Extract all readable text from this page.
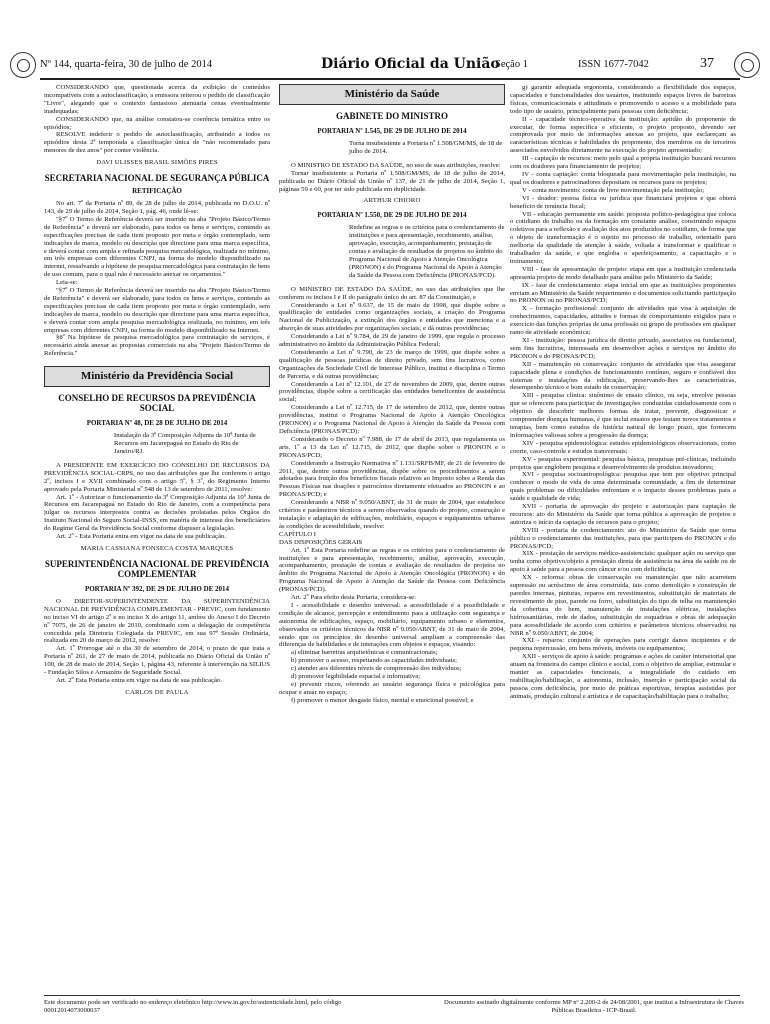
Nº 144, quarta-feira, 30 de julho de 2014	Diário Oficial da União
Seção 1	ISSN 1677-7042	37

CONSIDERANDO que, questionada acerca da exibição de conteúdos incompatíveis com a autoclassificação, a emissora reiterou o pedido de classificação "Livre", alegando que o contexto fantasioso atenuaria cenas eventualmente inadequadas;

CONSIDERANDO que, na análise constatou-se coerência temática entre os episódios;

RESOLVE indeferir o pedido de autoclassificação, atribuindo a todos os episódios desta 2ª temporada a classificação única de "não recomendado para menores de dez anos" por conter violência.

DAVI ULISSES BRASIL SIMÕES PIRES

SECRETARIA NACIONAL DE SEGURANÇA PÚBLICA
RETIFICAÇÃO

No art. 7º da Portaria nº 89, de 28 de julho de 2014, publicada no D.O.U. nº 143, de 29 de julho de 2014, Seção 1, pág. 46, onde lê-se:

"§7º O Termo de Referência deverá ser inserido na aba "Projeto Básico/Termo de Referência" e deverá ser elaborado, para todos os bens e serviços, contendo as especificações precisas de cada item proposto por meta e órgão contemplado, sem indicações de marca, modelo ou descrição que direcione para uma marca específica, e deverá contar com ampla e refinada pesquisa mercadológica, realizada no mínimo, em três empresas com diferentes CNPJ, na forma do modelo disponibilizado na internet, ressalvando a hipótese de pesquisa mercadológica para contratação de bens de uso comum, para o qual não é necessário anexar os orçamentos."

Leia-se:

"§7º O Termo de Referência deverá ser inserido na aba "Projeto Básico/Termo de Referência" e deverá ser elaborado, para todos os bens e serviços, contendo as especificações precisas de cada item proposto por meta e órgão contemplado, sem indicações de marca, modelo ou descrição que direcione para uma marca específica, e deverá contar com ampla pesquisa mercadológica realizada, no mínimo, em três empresas com diferentes CNPJ, na forma do modelo disponibilizado na Internet.

§8º Na hipótese de pesquisa mercadológica para contratação de serviços, é necessário ainda anexar as propostas comerciais na aba "Projeto Básico/Termo de Referência."

Ministério da Previdência Social
CONSELHO DE RECURSOS DA PREVIDÊNCIA SOCIAL
PORTARIA Nº 48, DE 28 DE JULHO DE 2014

Instalação da 3ª Composição Adjunta da 10ª Junta de Recursos em Jacarepaguá no Estado do Rio de Janeiro/RJ.

A PRESIDENTE EM EXERCÍCIO DO CONSELHO DE RECURSOS DA PREVIDÊNCIA SOCIAL-CRPS, no uso das atribuições que lhe conferem o artigo 2º, incisos I e XVII combinado com o artigo 5º, § 3º, do Regimento Interno aprovado pela Portaria Ministerial nº 548 de 13 de setembro de 2011, resolve:

Art. 1º - Autorizar o funcionamento da 3ª Composição Adjunta da 10ª Junta de Recursos em Jacarepaguá no Estado do Rio de Janeiro, com a competência para julgar os recursos interpostos contra as decisões prolatadas pelos Órgãos do Instituto Nacional do Seguro Social-INSS, em matéria de interesse dos beneficiários do Regime Geral da Previdência Social conforme dispuser a legislação.

Art. 2º - Esta Portaria entra em vigor na data de sua publicação.

MARIA CASSIANA FONSECA COSTA MARQUES

SUPERINTENDÊNCIA NACIONAL DE PREVIDÊNCIA COMPLEMENTAR
PORTARIA Nº 392, DE 29 DE JULHO DE 2014

O DIRETOR-SUPERINTENDENTE DA SUPERINTENDÊNCIA NACIONAL DE PREVIDÊNCIA COMPLEMENTAR - PREVIC, com fundamento no inciso VI do artigo 2º e no inciso X do artigo 11, ambos do Anexo I do Decreto nº 7075, de 26 de janeiro de 2010, combinado com a delegação de competência concedida pela Diretoria Colegiada da PREVIC, em sua 97ª Sessão Ordinária, realizada em 20 de março de 2012, resolve:

Art. 1º Prorrogar até o dia 30 de setembro de 2014, o prazo de que trata a Portaria nº 261, de 27 de maio de 2014, publicada no Diário Oficial da União nº 100, de 28 de maio de 2014, Seção 1, página 43, referente à intervenção na SILIUS - Fundação Silos e Armazéns de Seguridade Social.

Art. 2º Esta Portaria entra em vigor na data de sua publicação.

CARLOS DE PAULA

Ministério da Saúde
GABINETE DO MINISTRO
PORTARIA Nº 1.545, DE 29 DE JULHO DE 2014

Torna insubsistente a Portaria nº 1.508/GM/MS, de 18 de julho de 2014.

O MINISTRO DE ESTADO DA SAÚDE, no uso de suas atribuições, resolve:

Tornar insubsistente a Portaria nº 1.508/GM/MS, de 18 de julho de 2014, publicada no Diário Oficial da União nº 137, de 21 de julho de 2014, Seção 1, páginas 59 e 60, por ter sido publicada em duplicidade.

ARTHUR CHIORO

PORTARIA Nº 1.550, DE 29 DE JULHO DE 2014

Redefine as regras e os critérios para o credenciamento de instituições e para apresentação, recebimento, análise, aprovação, execução, acompanhamento, prestação de contas e avaliação de resultados de projetos no âmbito do Programa Nacional de Apoio à Atenção Oncológica (PRONON) e do Programa Nacional de Apoio à Atenção da Saúde da Pessoa com Deficiência (PRONAS/PCD).

O MINISTRO DE ESTADO DA SAÚDE, no uso das atribuições que lhe conferem os incisos I e II do parágrafo único do art. 87 da Constituição, e

Considerando a Lei nº 9.637, de 15 de maio de 1998, que dispõe sobre a qualificação de entidades como organizações sociais, a criação do Programa Nacional de Publicização, a extinção dos órgãos e entidades que menciona e a absorção de suas atividades por organizações sociais, e dá outras providências;

Considerando a Lei nº 9.784, de 29 de janeiro de 1999, que regula o processo administrativo no âmbito da Administração Pública Federal;

Considerando a Lei nº 9.790, de 23 de março de 1999, que dispõe sobre a qualificação de pessoas jurídicas de direito privado, sem fins lucrativos, como Organizações da Sociedade Civil de Interesse Público, institui e disciplina o Termo de Parceria, e dá outras providências;

Considerando a Lei nº 12.101, de 27 de novembro de 2009, que, dentre outras providências, dispõe sobre a certificação das entidades beneficentes de assistência social;

Considerando a Lei nº 12.715, de 17 de setembro de 2012, que, dentre outras providências, institui o Programa Nacional de Apoio à Atenção Oncológica (PRONON) e o Programa Nacional de Apoio à Atenção da Saúde da Pessoa com Deficiência (PRONAS/PCD);

Considerando o Decreto nº 7.988, de 17 de abril de 2013, que regulamenta os arts. 1º a 13 da Lei nº 12.715, de 2012, que dispõe sobre o PRONON e o PRONAS/PCD;

Considerando a Instrução Normativa nº 1.131/SRFB/MF, de 21 de fevereiro de 2011, que, dentre outras providências, dispõe sobre os procedimentos a serem adotados para fruição dos benefícios fiscais relativos ao Imposto sobre a Renda das Pessoas Físicas nas doações e patrocínios diretamente efetuados ao PRONON e ao PRONAS/PCD; e

Considerando a NBR nº 9.050/ABNT, de 31 de maio de 2004, que estabelece critérios e parâmetros técnicos a serem observados quando do projeto, construção e instalação e adaptação de edificações, mobiliário, espaços e equipamentos urbanos às condições de acessibilidade, resolve:

CAPÍTULO I

DAS DISPOSIÇÕES GERAIS

Art. 1º Esta Portaria redefine as regras e os critérios para o credenciamento de instituições e para apresentação, recebimento, análise, aprovação, execução, acompanhamento, prestação de contas e avaliação de resultados de projetos no âmbito do Programa Nacional de Apoio à Atenção Oncológica (PRONON) e do Programa Nacional de Apoio à Atenção da Saúde da Pessoa com Deficiência (PRONAS/PCD).

Art. 2º Para efeito desta Portaria, considera-se:

I - acessibilidade e desenho universal: a acessibilidade é a possibilidade e condição de alcance, percepção e entendimento para a utilização com segurança e autonomia de edificações, espaço, mobiliário, equipamento urbano e elementos, observados os critérios técnicos da NBR nº 9.050/ABNT, de 31 de maio de 2004, sendo que os princípios do desenho universal ampliam a compreensão das diferenças de habilidades e de interações com objetos e espaços, visando:

a) eliminar barreiras arquitetônicas e comunicacionais;

b) promover o acesso, respeitando as capacidades individuais;

c) atender aos diferentes níveis de compreensão dos indivíduos;

d) promover legibilidade espacial e informativa;

e) prevenir riscos, oferendo ao usuário segurança física e psicológica para ocupar e atuar no espaço;

f) promover o menor desgaste físico, mental e emocional possível; e

g) garantir adequada ergonomia, considerando a flexibilidade dos espaços, capacidades e funcionalidades dos usuários, instituindo espaços livres de barreiras físicas, comunicacionais e atitudinais e promovendo o acesso e a mobilidade para todo tipo de usuário, principalmente para pessoas com deficiência;

II - capacidade técnico-operativa da instituição: aptidão do proponente de executar, de forma específica e eficiente, o projeto proposto, devendo ser comprovada por meio de informações anexas ao projeto, que esclareçam as características técnicas e habilidades do proponente, dos membros ou de terceiros associados envolvidos diretamente na execução do projeto apresentado;

III - captação de recursos: meio pelo qual a própria instituição buscará recursos com os doadores para financiamento de projetos;

IV - conta captação: conta bloqueada para movimentação pela instituição, na qual os doadores e patrocinadores depositam os recursos para os projetos;

V - conta movimento: conta de livre movimentação pela instituição;

VI - doador: pessoa física ou jurídica que financiará projetos e que obterá benefício de renúncia fiscal;

VII - educação permanente em saúde: proposta político-pedagógica que coloca o cotidiano do trabalho ou da formação em constante análise, construindo espaços coletivos para a reflexão e avaliação dos atos produzidos no cotidiano, de forma que o objeto de transformação é o sujeito no processo de trabalho, orientado para melhoria da qualidade da atenção à saúde, voltada a transformar e qualificar o trabalhador da saúde, e que engloba o aperfeiçoamento, a capacitação e o treinamento;

VIII - fase de apresentação de projeto: etapa em que a instituição credenciada apresenta projeto de modo detalhado para análise pelo Ministério da Saúde;

IX - fase de credenciamento: etapa inicial em que as instituições proponentes enviam ao Ministério da Saúde requerimento e documentos solicitando participação no PRONON ou no PRONAS/PCD;

X - formação profissional: conjunto de atividades que visa à aquisição de conhecimentos, capacidades, atitudes e formas de comportamento exigidos para o exercício das funções próprias de uma profissão ou grupo de profissões em qualquer ramo de atividade econômica;

XI - instituição: pessoa jurídica de direito privado, associativa ou fundacional, sem fins lucrativos, interessada em desenvolver ações e serviços no âmbito do PRONON e do PRONAS/PCD;

XII - manutenção ou conservação: conjunto de atividades que visa assegurar capacidade plena e condições de funcionamento contínuo, seguro e confiável dos sistemas e instalações da edificação, preservando-lhes as características, desempenho técnico e bom estado de conservação;

XIII - pesquisa clínica: sinônimo de ensaio clínico, ou seja, envolve pessoas que se oferecem para participar de investigações conduzidas cuidadosamente com o objetivo de descobrir melhores formas de tratar, prevenir, diagnosticar e compreender doenças humanas, é que inclui ensaios que testam novos tratamentos e terapias, bem como estudos de história natural de longo prazo, que fornecem informações valiosas sobre a progressão da doença;

XIV - pesquisa epidemiológica: estudos epidemiológicos observacionais, como coorte, caso-controle e estudos transversais;

XV - pesquisa experimental: pesquisa básica, pesquisas pré-clínicas, incluindo projetos que englobem pesquisa e desenvolvimento de produtos inovadores;

XVI - pesquisa socioantropológica: pesquisa que tem por objetivo principal conhecer o modo de vida de uma determinada comunidade, a fim de determinar quais problemas ou dificuldades enfrentam e o impacto desses problemas para a saúde e qualidade de vida;

XVII - portaria de aprovação do projeto e autorização para captação de recursos: ato do Ministério da Saúde que torna pública a aprovação de projetos e autoriza o início da captação de recursos para o projeto;

XVIII - portaria de credenciamento: ato do Ministério da Saúde que torna público o credenciamento das instituições, para que participem do PRONON e do PRONAS/PCD;

XIX - prestação de serviços médico-assistenciais: qualquer ação ou serviço que tenha como objetivo/objeto a prestação direta de assistência na área da saúde ou de apoio à saúde para a pessoa com câncer e/ou com deficiência;

XX - reforma: obras de conservação ou manutenção que não acarretem supressão ou acréscimo de área construída, tais como demolição e construção de paredes internas, pinturas, reparos em revestimentos, substituição de materiais de revestimento de piso, parede ou forro, substituição do tipo de telha ou manutenção da cobertura do bem, manutenção de instalações elétricas, instalações hidrossanitárias, rede de dados, substituição de esquadrias e obras de adequação para acessibilidade de acordo com critérios e parâmetros técnicos observados na NBR nº 9.050/ABNT, de 2004;

XXI - reparos: conjunto de operações para corrigir danos incipientes e de pequena repercussão, em bens móveis, imóveis ou equipamentos;

XXII - serviços de apoio à saúde: programas e ações de caráter intersetorial que atuam na fronteira do campo clínico e social, com o objetivo de ampliar, estimular e manter as capacidades funcionais, a integralidade do cuidado em reabilitação/habilitação, a autonomia, inclusão, inserção e participação social da pessoa com deficiência, por meio de práticas esportivas, terapias assistidas por animais, produção cultural e artística e de capacitação/habilitação para o trabalho;

Este documento pode ser verificado no endereço eletrônico http://www.in.gov.br/autenticidade.html, pelo código 00012014073000037
Documento assinado digitalmente conforme MP nº 2.200-2 de 24/08/2001, que institui a Infraestrutura de Chaves Públicas Brasileira - ICP-Brasil.
